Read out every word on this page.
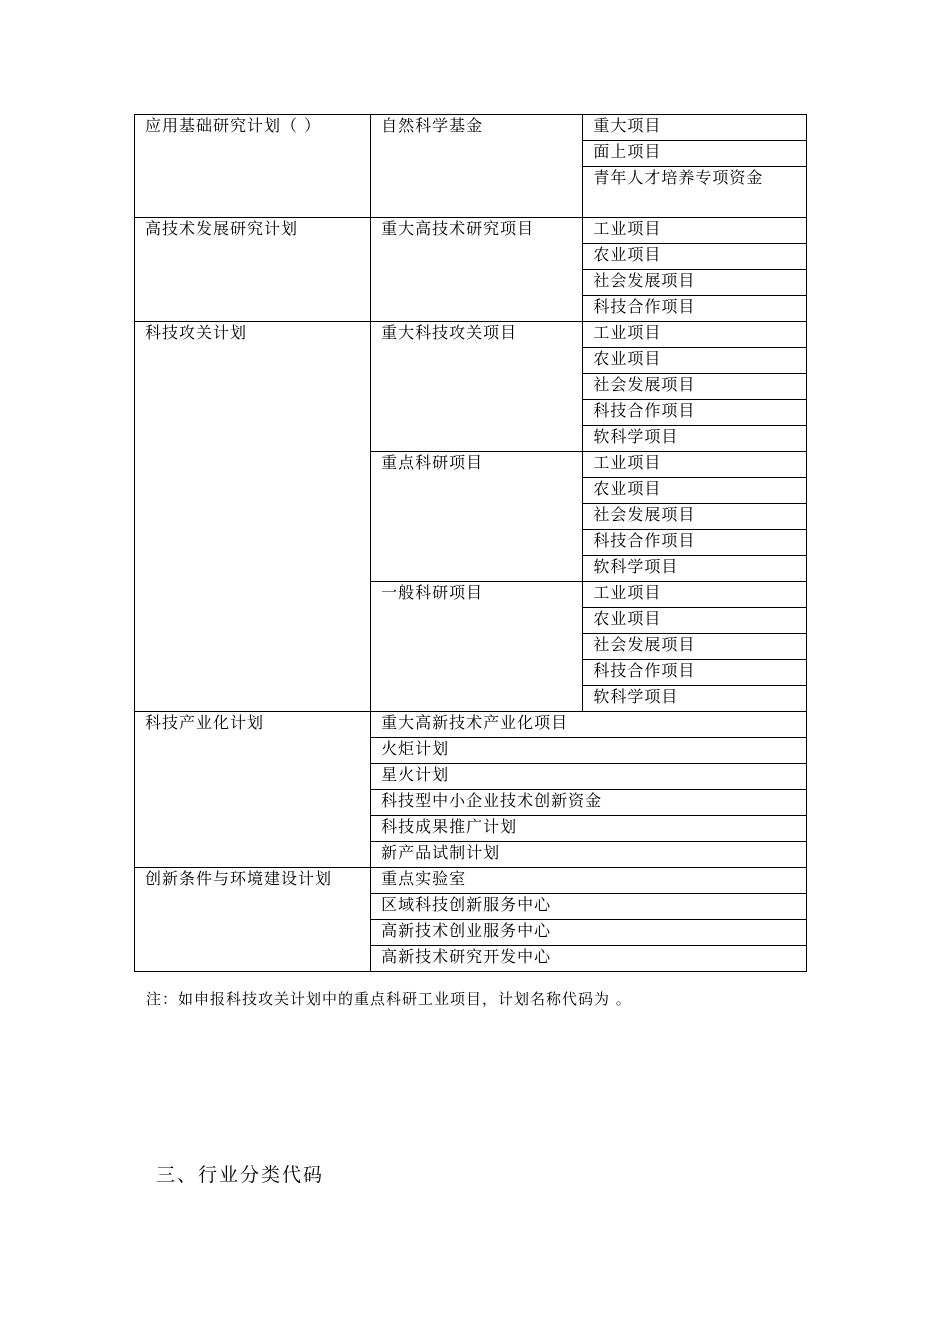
应用基础研究计划（ ）	自然科学基金	重大项目
		面上项目
		青年人才培养专项资金
高技术发展研究计划	重大高技术研究项目	工业项目
		农业项目
		社会发展项目
		科技合作项目
科技攻关计划	重大科技攻关项目	工业项目
		农业项目
		社会发展项目
		科技合作项目
		软科学项目
	重点科研项目	工业项目
		农业项目
		社会发展项目
		科技合作项目
		软科学项目
	一般科研项目	工业项目
		农业项目
		社会发展项目
		科技合作项目
		软科学项目
科技产业化计划	重大高新技术产业化项目	
	火炬计划	
	星火计划	
	科技型中小企业技术创新资金	
	科技成果推广计划	
	新产品试制计划	
创新条件与环境建设计划	重点实验室	
	区域科技创新服务中心	
	高新技术创业服务中心	
	高新技术研究开发中心	
注：如申报科技攻关计划中的重点科研工业项目，计划名称代码为 。
三、行业分类代码
